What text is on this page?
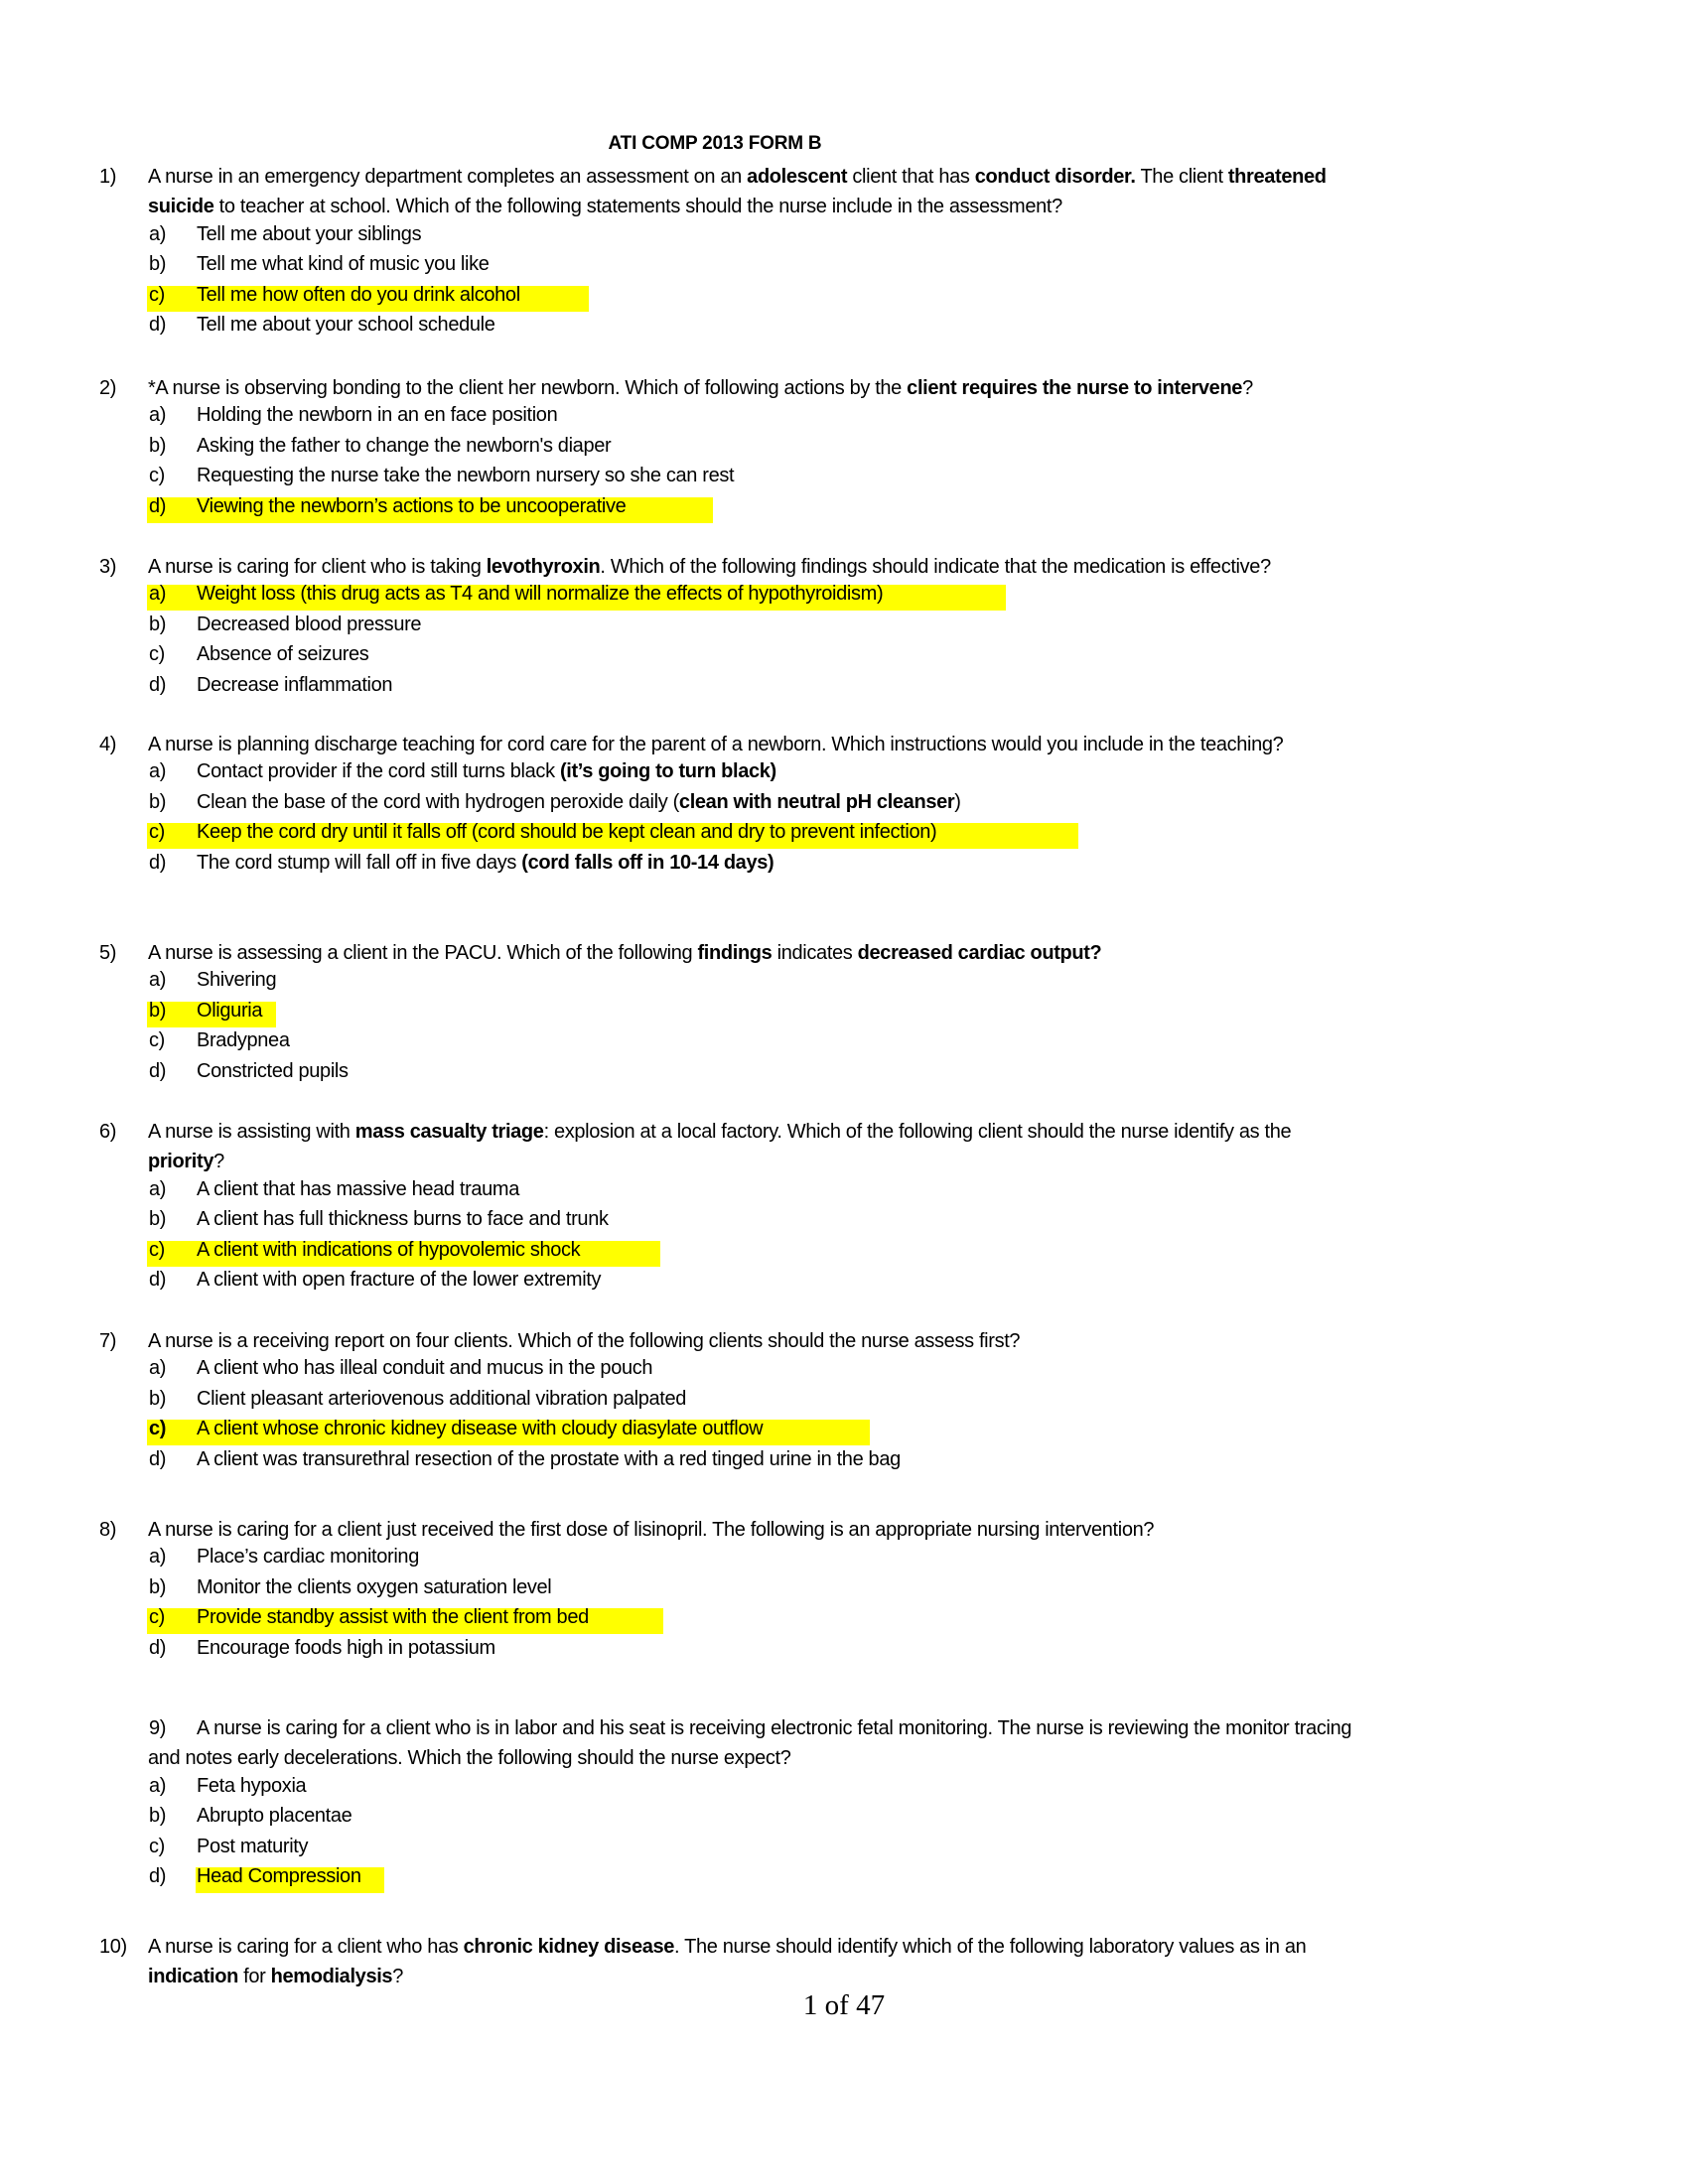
ATI COMP 2013 FORM B
1) A nurse in an emergency department completes an assessment on an adolescent client that has conduct disorder. The client threatened
suicide to teacher at school. Which of the following statements should the nurse include in the assessment?
a) Tell me about your siblings
b) Tell me what kind of music you like
c) Tell me how often do you drink alcohol
d) Tell me about your school schedule
2) *A nurse is observing bonding to the client her newborn. Which of following actions by the client requires the nurse to intervene?
a) Holding the newborn in an en face position
b) Asking the father to change the newborn's diaper
c) Requesting the nurse take the newborn nursery so she can rest
d) Viewing the newborn’s actions to be uncooperative
3) A nurse is caring for client who is taking levothyroxin. Which of the following findings should indicate that the medication is effective?
a) Weight loss (this drug acts as T4 and will normalize the effects of hypothyroidism)
b) Decreased blood pressure
c) Absence of seizures
d) Decrease inflammation
4) A nurse is planning discharge teaching for cord care for the parent of a newborn. Which instructions would you include in the teaching?
a) Contact provider if the cord still turns black (it’s going to turn black)
b) Clean the base of the cord with hydrogen peroxide daily (clean with neutral pH cleanser)
c) Keep the cord dry until it falls off (cord should be kept clean and dry to prevent infection)
d) The cord stump will fall off in five days (cord falls off in 10-14 days)
5) A nurse is assessing a client in the PACU. Which of the following findings indicates decreased cardiac output?
a) Shivering
b) Oliguria
c) Bradypnea
d) Constricted pupils
6) A nurse is assisting with mass casualty triage: explosion at a local factory. Which of the following client should the nurse identify as the
priority?
a) A client that has massive head trauma
b) A client has full thickness burns to face and trunk
c) A client with indications of hypovolemic shock
d) A client with open fracture of the lower extremity
7) A nurse is a receiving report on four clients. Which of the following clients should the nurse assess first?
a) A client who has illeal conduit and mucus in the pouch
b) Client pleasant arteriovenous additional vibration palpated
c) A client whose chronic kidney disease with cloudy diasylate outflow
d) A client was transurethral resection of the prostate with a red tinged urine in the bag
8) A nurse is caring for a client just received the first dose of lisinopril. The following is an appropriate nursing intervention?
a) Place’s cardiac monitoring
b) Monitor the clients oxygen saturation level
c) Provide standby assist with the client from bed
d) Encourage foods high in potassium
9) A nurse is caring for a client who is in labor and his seat is receiving electronic fetal monitoring. The nurse is reviewing the monitor tracing
and notes early decelerations. Which the following should the nurse expect?
a) Feta hypoxia
b) Abrupto placentae
c) Post maturity
d) Head Compression
10) A nurse is caring for a client who has chronic kidney disease. The nurse should identify which of the following laboratory values as in an
indication for hemodialysis?
1 of 47
